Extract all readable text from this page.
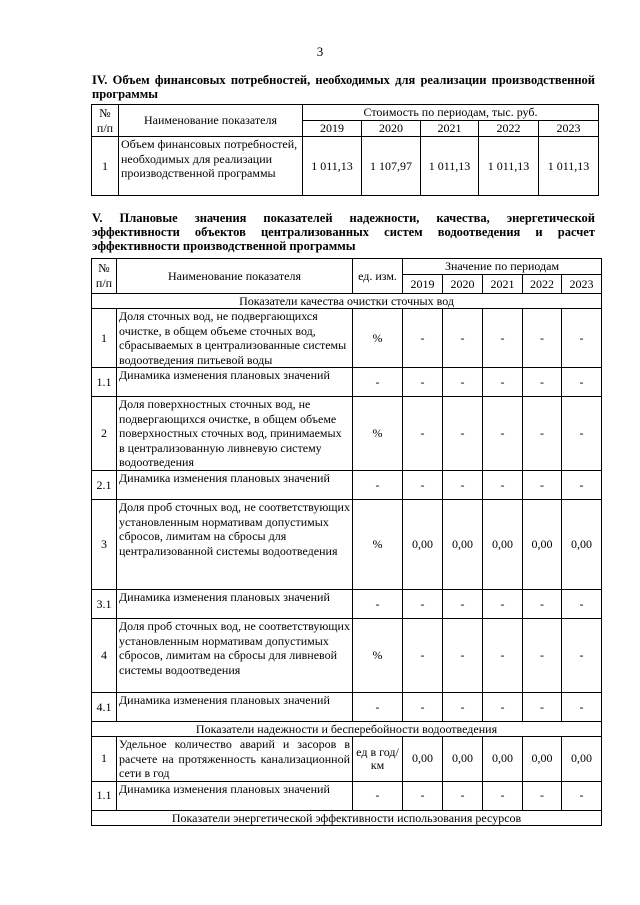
3
IV. Объем финансовых потребностей, необходимых для реализации производственной программы
№ п/п	Наименование показателя	Стоимость по периодам, тыс. руб.				
		2019	2020	2021	2022	2023
1	Объем финансовых потребностей, необходимых для реализации производственной программы	1 011,13	1 107,97	1 011,13	1 011,13	1 011,13
V. Плановые значения показателей надежности, качества, энергетической эффективности объектов централизованных систем водоотведения и расчет эффективности производственной программы
№ п/п	Наименование показателя	ед. изм.	Значение по периодам				
			2019	2020	2021	2022	2023
Показатели качества очистки сточных вод							
1	Доля сточных вод, не подвергающихся очистке, в общем объеме сточных вод, сбрасываемых в централизованные системы водоотведения питьевой воды	%	-	-	-	-	-
1.1	Динамика изменения плановых значений	-	-	-	-	-	-
2	Доля поверхностных сточных вод, не подвергающихся очистке, в общем объеме поверхностных сточных вод, принимаемых в централизованную ливневую систему водоотведения	%	-	-	-	-	-
2.1	Динамика изменения плановых значений	-	-	-	-	-	-
3	Доля проб сточных вод, не соответствующих установленным нормативам допустимых сбросов, лимитам на сбросы для централизованной системы водоотведения	%	0,00	0,00	0,00	0,00	0,00
3.1	Динамика изменения плановых значений	-	-	-	-	-	-
4	Доля проб сточных вод, не соответствующих установленным нормативам допустимых сбросов, лимитам на сбросы для ливневой системы водоотведения	%	-	-	-	-	-
4.1	Динамика изменения плановых значений	-	-	-	-	-	-
Показатели надежности и бесперебойности водоотведения							
1	Удельное количество аварий и засоров в расчете на протяженность канализационной сети в год	ед в год/ км	0,00	0,00	0,00	0,00	0,00
1.1	Динамика изменения плановых значений	-	-	-	-	-	-
Показатели энергетической эффективности использования ресурсов							
